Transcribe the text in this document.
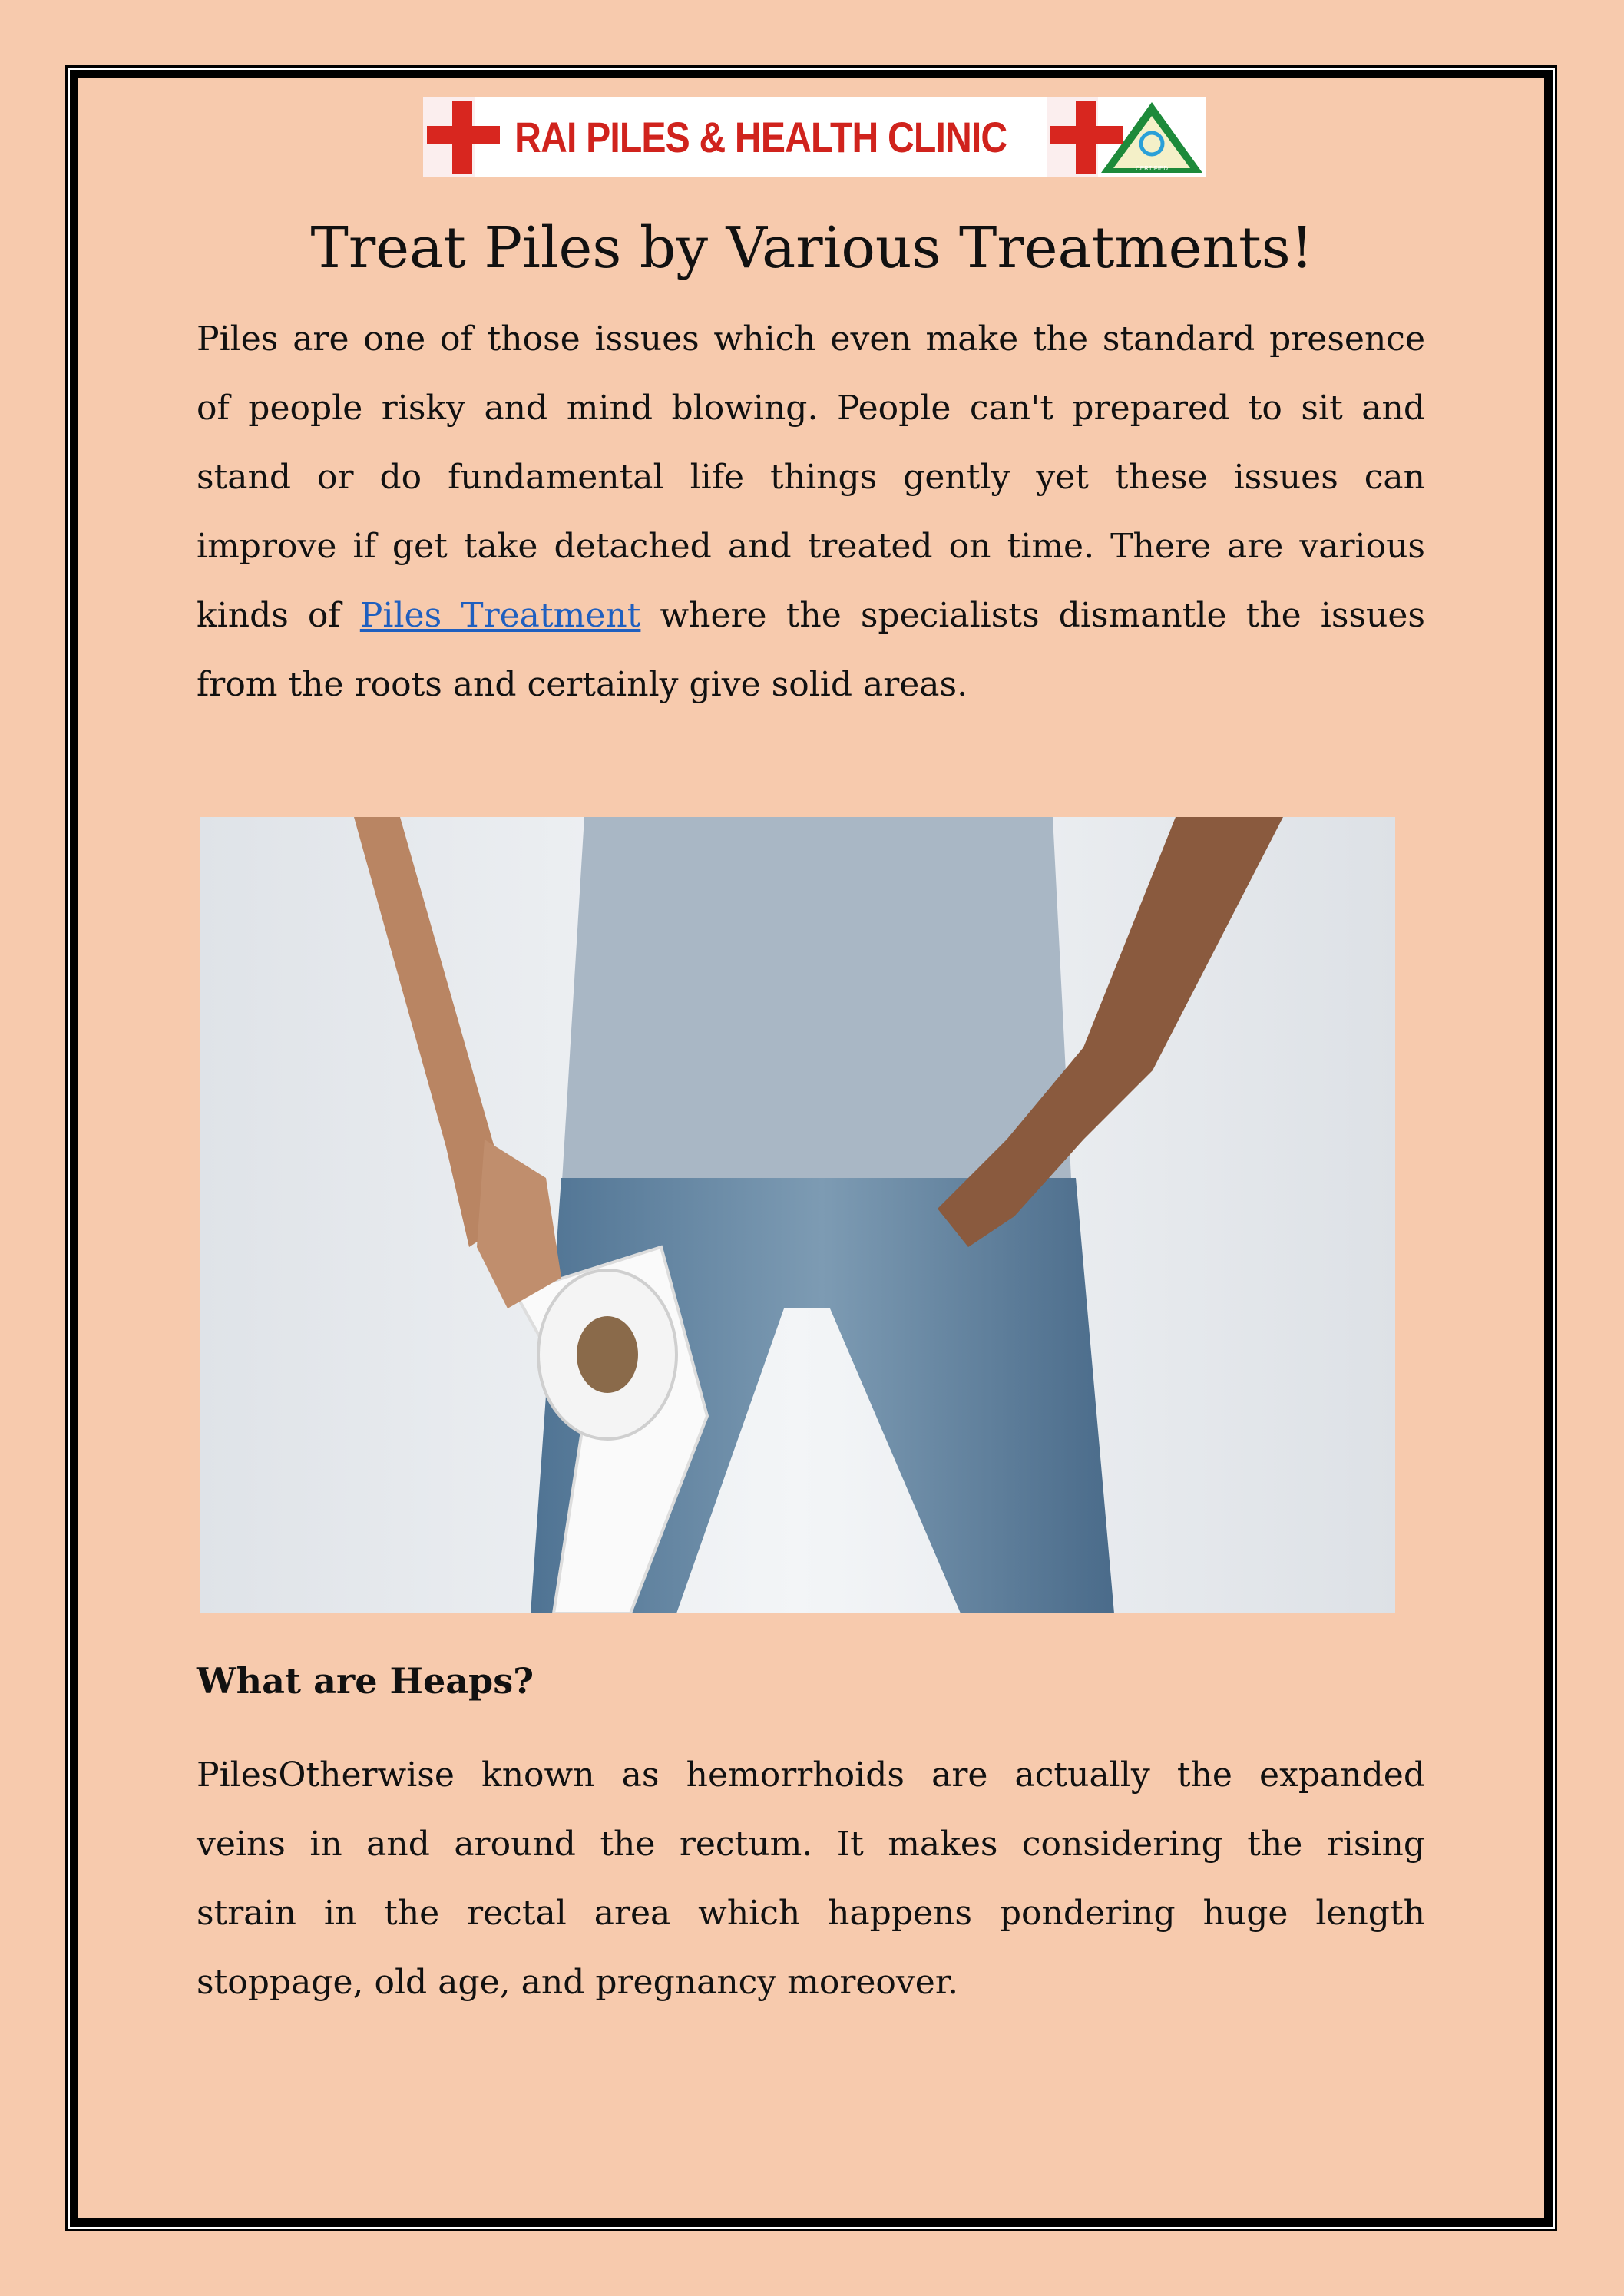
RAI PILES & HEALTH CLINIC
CERTIFIED
Treat Piles by Various Treatments!
Piles are one of those issues which even make the standard presence
of people risky and mind blowing. People can't prepared to sit and
stand or do fundamental life things gently yet these issues can
improve if get take detached and treated on time. There are various
kinds of Piles Treatment where the specialists dismantle the issues
from the roots and certainly give solid areas.
What are Heaps?
PilesOtherwise known as hemorrhoids are actually the expanded
veins in and around the rectum. It makes considering the rising
strain in the rectal area which happens pondering huge length
stoppage, old age, and pregnancy moreover.
